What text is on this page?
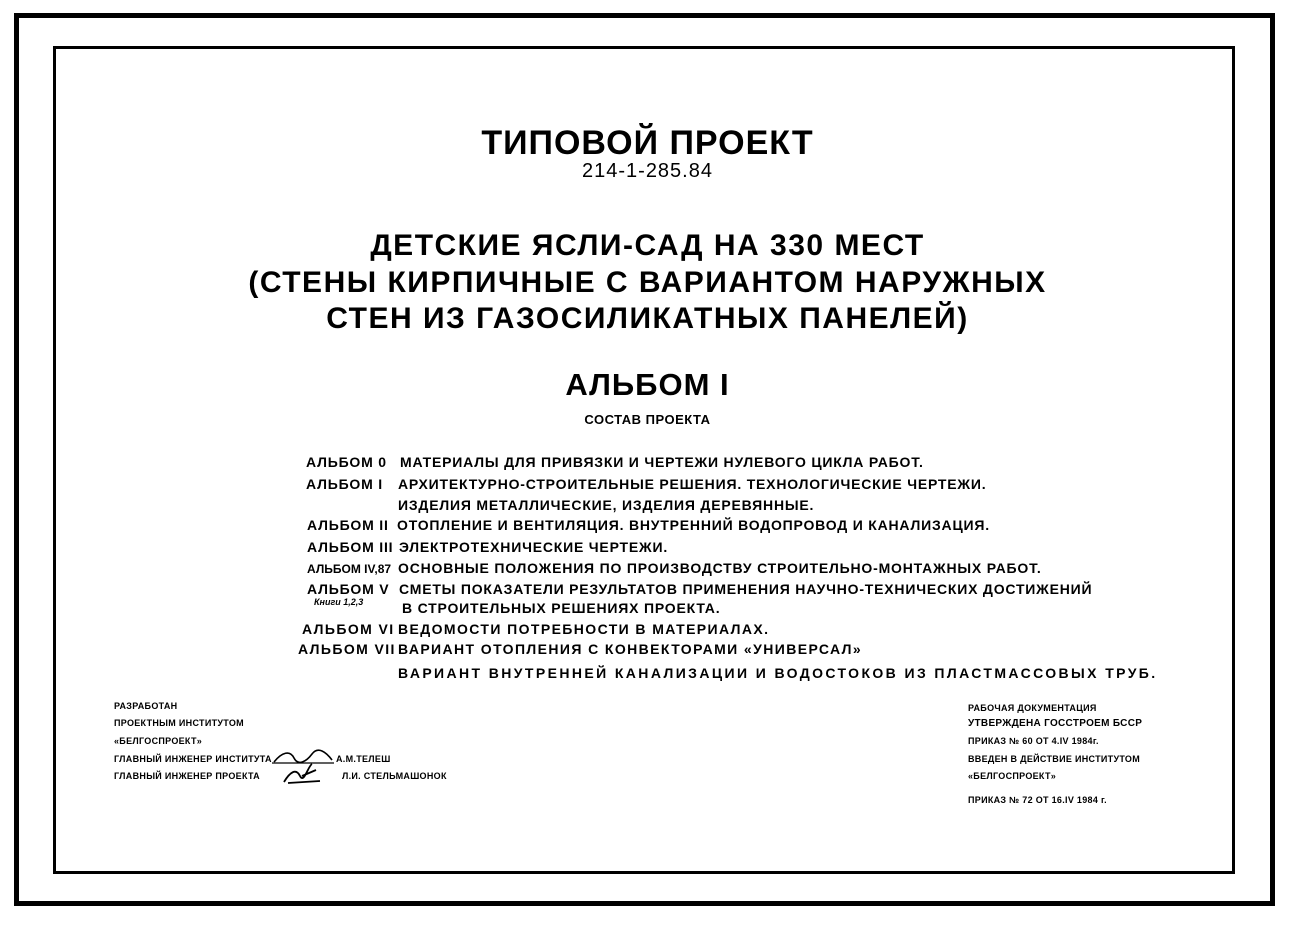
ТИПОВОЙ ПРОЕКТ
214-1-285.84
ДЕТСКИЕ ЯСЛИ-САД НА 330 МЕСТ
(СТЕНЫ КИРПИЧНЫЕ С ВАРИАНТОМ НАРУЖНЫХ
СТЕН ИЗ ГАЗОСИЛИКАТНЫХ ПАНЕЛЕЙ)
АЛЬБОМ I
СОСТАВ ПРОЕКТА
АЛЬБОМ 0 МАТЕРИАЛЫ ДЛЯ ПРИВЯЗКИ И ЧЕРТЕЖИ НУЛЕВОГО ЦИКЛА РАБОТ.
АЛЬБОМ I АРХИТЕКТУРНО-СТРОИТЕЛЬНЫЕ РЕШЕНИЯ. ТЕХНОЛОГИЧЕСКИЕ ЧЕРТЕЖИ.
ИЗДЕЛИЯ МЕТАЛЛИЧЕСКИЕ, ИЗДЕЛИЯ ДЕРЕВЯННЫЕ.
АЛЬБОМ II ОТОПЛЕНИЕ И ВЕНТИЛЯЦИЯ. ВНУТРЕННИЙ ВОДОПРОВОД И КАНАЛИЗАЦИЯ.
АЛЬБОМ III ЭЛЕКТРОТЕХНИЧЕСКИЕ ЧЕРТЕЖИ.
АЛЬБОМ IV,87 ОСНОВНЫЕ ПОЛОЖЕНИЯ ПО ПРОИЗВОДСТВУ СТРОИТЕЛЬНО-МОНТАЖНЫХ РАБОТ.
АЛЬБОМ V СМЕТЫ ПОКАЗАТЕЛИ РЕЗУЛЬТАТОВ ПРИМЕНЕНИЯ НАУЧНО-ТЕХНИЧЕСКИХ ДОСТИЖЕНИЙ
Книги 1,2,3	В СТРОИТЕЛЬНЫХ РЕШЕНИЯХ ПРОЕКТА.
АЛЬБОМ VI ВЕДОМОСТИ ПОТРЕБНОСТИ В МАТЕРИАЛАХ.
АЛЬБОМ VII ВАРИАНТ ОТОПЛЕНИЯ С КОНВЕКТОРАМИ «УНИВЕРСАЛ»
ВАРИАНТ ВНУТРЕННЕЙ КАНАЛИЗАЦИИ И ВОДОСТОКОВ ИЗ ПЛАСТМАССОВЫХ ТРУБ.
РАЗРАБОТАН
ПРОЕКТНЫМ ИНСТИТУТОМ
«БЕЛГОСПРОЕКТ»
ГЛАВНЫЙ ИНЖЕНЕР ИНСТИТУТА	А.М.ТЕЛЕШ
ГЛАВНЫЙ ИНЖЕНЕР ПРОЕКТА	Л.И. СТЕЛЬМАШОНОК
РАБОЧАЯ ДОКУМЕНТАЦИЯ
УТВЕРЖДЕНА ГОССТРОЕМ БССР
ПРИКАЗ № 60 ОТ 4.IV 1984г.
ВВЕДЕН В ДЕЙСТВИЕ ИНСТИТУТОМ
«БЕЛГОСПРОЕКТ»
ПРИКАЗ № 72 ОТ 16.IV 1984 г.
